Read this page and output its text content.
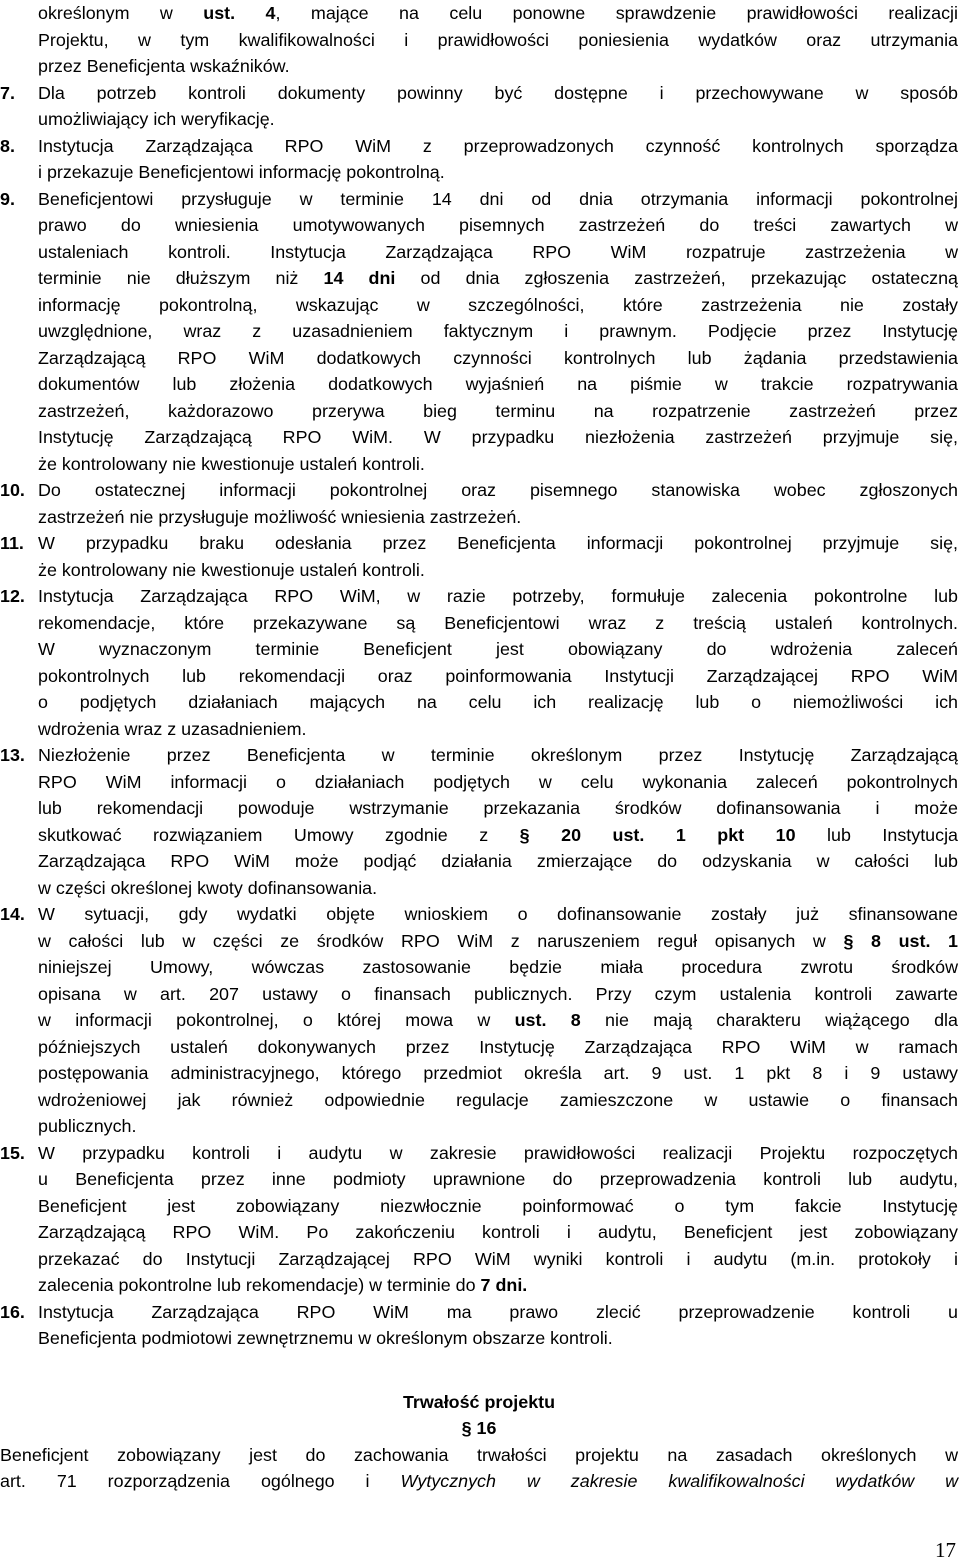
określonym w ust. 4, mające na celu ponowne sprawdzenie prawidłowości realizacji
Projektu, w tym kwalifikowalności i prawidłowości poniesienia wydatków oraz utrzymania
przez Beneficjenta wskaźników.
Dla potrzeb kontroli dokumenty powinny być dostępne i przechowywane w sposób
7.
umożliwiający ich weryfikację.
Instytucja Zarządzająca RPO WiM z przeprowadzonych czynność kontrolnych sporządza
8.
i przekazuje Beneficjentowi informację pokontrolną.
Beneficjentowi przysługuje w terminie 14 dni od dnia otrzymania informacji pokontrolnej
9.
prawo do wniesienia umotywowanych pisemnych zastrzeżeń do treści zawartych w
ustaleniach kontroli. Instytucja Zarządzająca RPO WiM rozpatruje zastrzeżenia w
terminie nie dłuższym niż 14 dni od dnia zgłoszenia zastrzeżeń, przekazując ostateczną
informację pokontrolną, wskazując w szczególności, które zastrzeżenia nie zostały
uwzględnione, wraz z uzasadnieniem faktycznym i prawnym. Podjęcie przez Instytucję
Zarządzającą RPO WiM dodatkowych czynności kontrolnych lub żądania przedstawienia
dokumentów lub złożenia dodatkowych wyjaśnień na piśmie w trakcie rozpatrywania
zastrzeżeń, każdorazowo przerywa bieg terminu na rozpatrzenie zastrzeżeń przez
Instytucję Zarządzającą RPO WiM. W przypadku niezłożenia zastrzeżeń przyjmuje się,
że kontrolowany nie kwestionuje ustaleń kontroli.
Do ostatecznej informacji pokontrolnej oraz pisemnego stanowiska wobec zgłoszonych
10.
zastrzeżeń nie przysługuje możliwość wniesienia zastrzeżeń.
W przypadku braku odesłania przez Beneficjenta informacji pokontrolnej przyjmuje się,
11.
że kontrolowany nie kwestionuje ustaleń kontroli.
Instytucja Zarządzająca RPO WiM, w razie potrzeby, formułuje zalecenia pokontrolne lub
12.
rekomendacje, które przekazywane są Beneficjentowi wraz z treścią ustaleń kontrolnych.
W wyznaczonym terminie Beneficjent jest obowiązany do wdrożenia zaleceń
pokontrolnych lub rekomendacji oraz poinformowania Instytucji Zarządzającej RPO WiM
o podjętych działaniach mających na celu ich realizację lub o niemożliwości ich
wdrożenia wraz z uzasadnieniem.
Niezłożenie przez Beneficjenta w terminie określonym przez Instytucję Zarządzającą
13.
RPO WiM informacji o działaniach podjętych w celu wykonania zaleceń pokontrolnych
lub rekomendacji powoduje wstrzymanie przekazania środków dofinansowania i może
skutkować rozwiązaniem Umowy zgodnie z § 20 ust. 1 pkt 10 lub Instytucja
Zarządzająca RPO WiM może podjąć działania zmierzające do odzyskania w całości lub
w części określonej kwoty dofinansowania.
W sytuacji, gdy wydatki objęte wnioskiem o dofinansowanie zostały już sfinansowane
14.
w całości lub w części ze środków RPO WiM z naruszeniem reguł opisanych w § 8 ust. 1
niniejszej Umowy, wówczas zastosowanie będzie miała procedura zwrotu środków
opisana w art. 207 ustawy o finansach publicznych. Przy czym ustalenia kontroli zawarte
w informacji pokontrolnej, o której mowa w ust. 8 nie mają charakteru wiążącego dla
późniejszych ustaleń dokonywanych przez Instytucję Zarządzająca RPO WiM w ramach
postępowania administracyjnego, którego przedmiot określa art. 9 ust. 1 pkt 8 i 9 ustawy
wdrożeniowej jak również odpowiednie regulacje zamieszczone w ustawie o finansach
publicznych.
W przypadku kontroli i audytu w zakresie prawidłowości realizacji Projektu rozpoczętych
15.
u Beneficjenta przez inne podmioty uprawnione do przeprowadzenia kontroli lub audytu,
Beneficjent jest zobowiązany niezwłocznie poinformować o tym fakcie Instytucję
Zarządzającą RPO WiM. Po zakończeniu kontroli i audytu, Beneficjent jest zobowiązany
przekazać do Instytucji Zarządzającej RPO WiM wyniki kontroli i audytu (m.in. protokoły i
zalecenia pokontrolne lub rekomendacje) w terminie do 7 dni.
Instytucja Zarządzająca RPO WiM ma prawo zlecić przeprowadzenie kontroli u
16.
Beneficjenta podmiotowi zewnętrznemu w określonym obszarze kontroli.
Trwałość projektu
§ 16
Beneficjent zobowiązany jest do zachowania trwałości projektu na zasadach określonych w
art. 71 rozporządzenia ogólnego i Wytycznych w zakresie kwalifikowalności wydatków w
17
